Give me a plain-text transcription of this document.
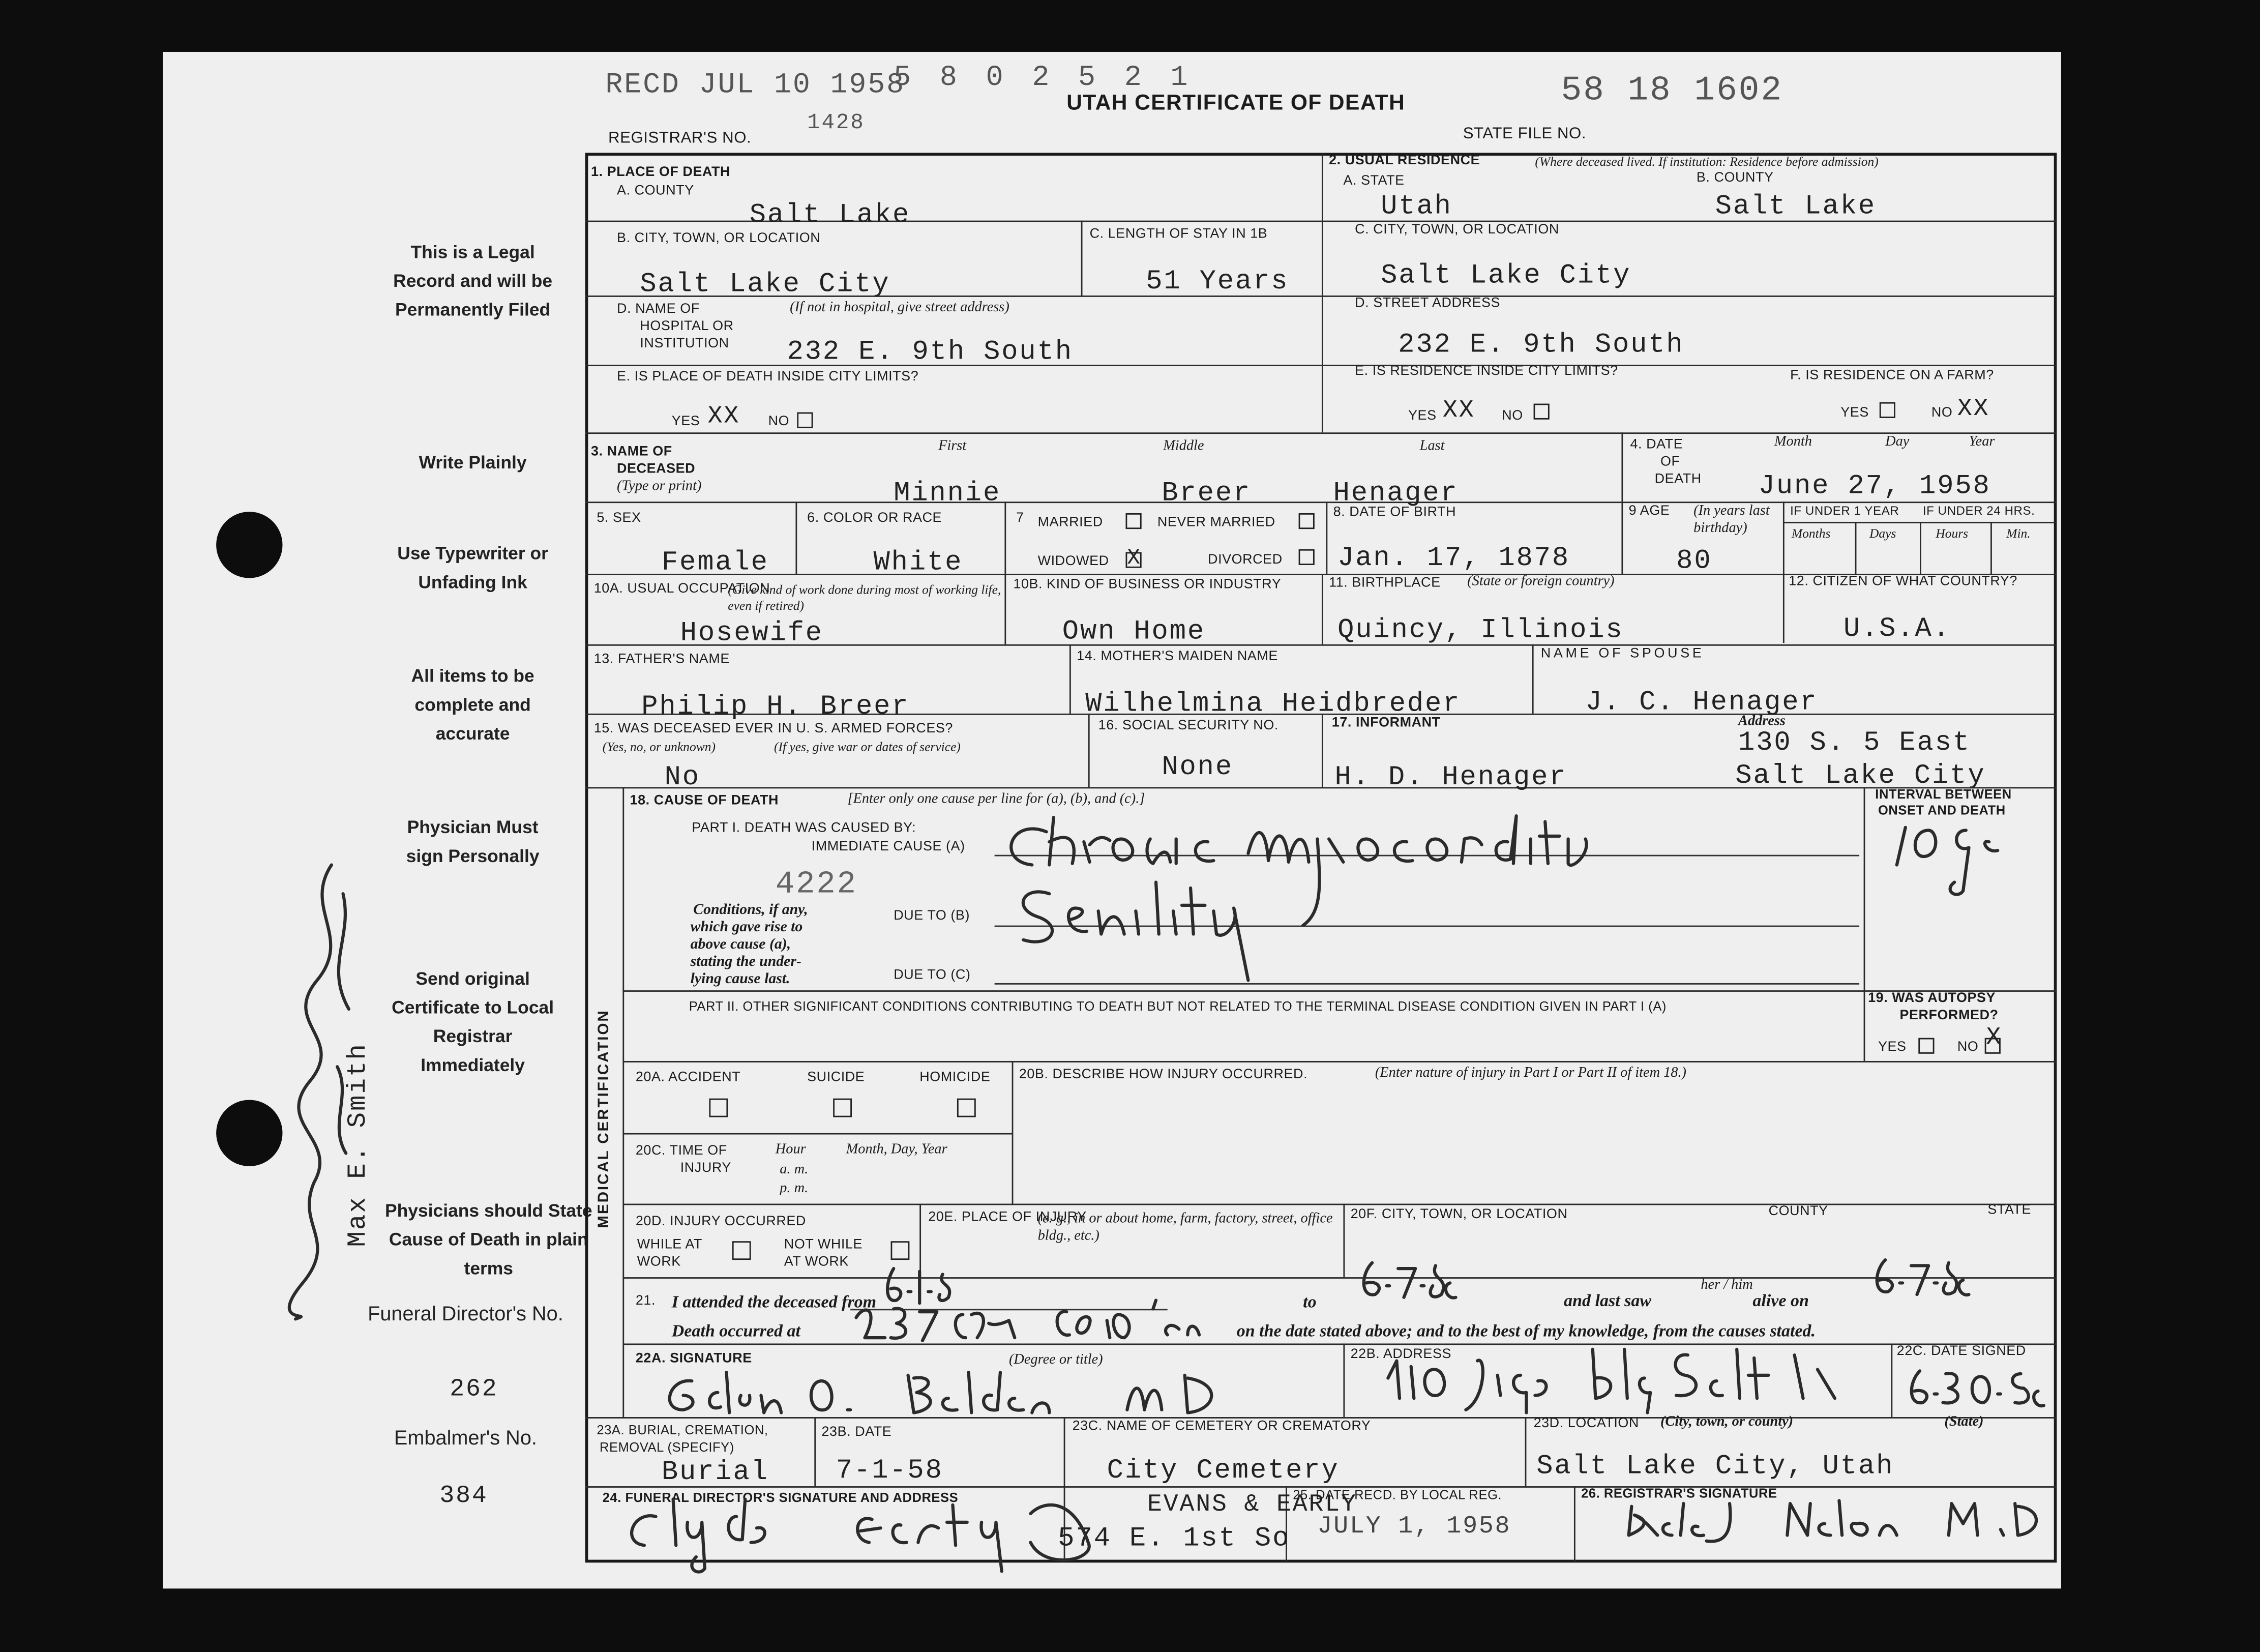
RECD JUL 10 1958
5 8 0 2 5 2 1
REGISTRAR'S NO.
1428
UTAH CERTIFICATE OF DEATH	58 18 1602
STATE FILE NO.
This is a Legal Record and will be Permanently Filed
Write Plainly
Use Typewriter or Unfading Ink
All items to be complete and accurate
Physician Must sign Personally
Send original Certificate to Local Registrar Immediately
Physicians should State Cause of Death in plain terms
Funeral Director's No.
262
Embalmer's No.
384
Max E. Smith
1. PLACE OF DEATH
A. COUNTY
Salt Lake
2. USUAL RESIDENCE	(Where deceased lived. If institution: Residence before admission)
A. STATE
Utah
B. COUNTY
Salt Lake
B. CITY, TOWN, OR LOCATION
Salt Lake City
C. LENGTH OF STAY IN 1B
51 Years
C. CITY, TOWN, OR LOCATION
Salt Lake City
D. NAME OF
HOSPITAL OR
INSTITUTION
(If not in hospital, give street address)
232 E. 9th South
D. STREET ADDRESS
232 E. 9th South
E. IS PLACE OF DEATH INSIDE CITY LIMITS?
YES XX	NO
E. IS RESIDENCE INSIDE CITY LIMITS?
YES XX	NO
F. IS RESIDENCE ON A FARM?
YES	NO XX
3. NAME OF
DECEASED
(Type or print)
First	Middle	Last
Minnie	Breer	Henager
4. DATE
OF
DEATH
Month	Day	Year
June 27, 1958
5. SEX
Female
6. COLOR OR RACE
White
7	MARRIED	NEVER MARRIED
WIDOWED X	DIVORCED
8. DATE OF BIRTH
Jan. 17, 1878
9 AGE	(In years last birthday)
80
IF UNDER 1 YEAR	IF UNDER 24 HRS.
Months	Days	Hours	Min.
10A. USUAL OCCUPATION
(Give kind of work done during most of working life, even if retired)
Hosewife
10B. KIND OF BUSINESS OR INDUSTRY
Own Home
11. BIRTHPLACE	(State or foreign country)
Quincy, Illinois
12. CITIZEN OF WHAT COUNTRY?
U.S.A.
13. FATHER'S NAME
Philip H. Breer
14. MOTHER'S MAIDEN NAME
Wilhelmina Heidbreder
NAME OF SPOUSE
J. C. Henager
15. WAS DECEASED EVER IN U. S. ARMED FORCES?
(Yes, no, or unknown)	(If yes, give war or dates of service)
No
16. SOCIAL SECURITY NO.
None
17. INFORMANT
H. D. Henager
Address
130 S. 5 East
Salt Lake City
MEDICAL CERTIFICATION
18. CAUSE OF DEATH	[Enter only one cause per line for (a), (b), and (c).]
PART I. DEATH WAS CAUSED BY:
IMMEDIATE CAUSE (A)
4222
Conditions, if any,
which gave rise to
above cause (a),
stating the under-
lying cause last.
DUE TO (B)
DUE TO (C)
INTERVAL BETWEEN
ONSET AND DEATH
PART II. OTHER SIGNIFICANT CONDITIONS CONTRIBUTING TO DEATH BUT NOT RELATED TO THE TERMINAL DISEASE CONDITION GIVEN IN PART I (A)
19. WAS AUTOPSY
PERFORMED?
YES	NO X
20A. ACCIDENT	SUICIDE	HOMICIDE	20B. DESCRIBE HOW INJURY OCCURRED.	(Enter nature of injury in Part I or Part II of item 18.)
20C. TIME OF
INJURY
Hour
a. m.
p. m.
Month, Day, Year
20D. INJURY OCCURRED
WHILE AT
WORK
NOT WHILE
AT WORK
20E. PLACE OF INJURY
(e. g., in or about home, farm, factory, street, office bldg., etc.)
20F. CITY, TOWN, OR LOCATION	COUNTY	STATE
21.	I attended the deceased from	to	and last saw
her / him
alive on
Death occurred at	on the date stated above; and to the best of my knowledge, from the causes stated.
22A. SIGNATURE	(Degree or title)	22B. ADDRESS	22C. DATE SIGNED
23A. BURIAL, CREMATION,
REMOVAL (SPECIFY)
Burial
23B. DATE
7-1-58
23C. NAME OF CEMETERY OR CREMATORY
City Cemetery
23D. LOCATION	(City, town, or county)	(State)
Salt Lake City, Utah
24. FUNERAL DIRECTOR'S SIGNATURE AND ADDRESS	EVANS & EARLY
574 E. 1st So
25. DATE RECD. BY LOCAL REG.
JULY 1, 1958
26. REGISTRAR'S SIGNATURE
